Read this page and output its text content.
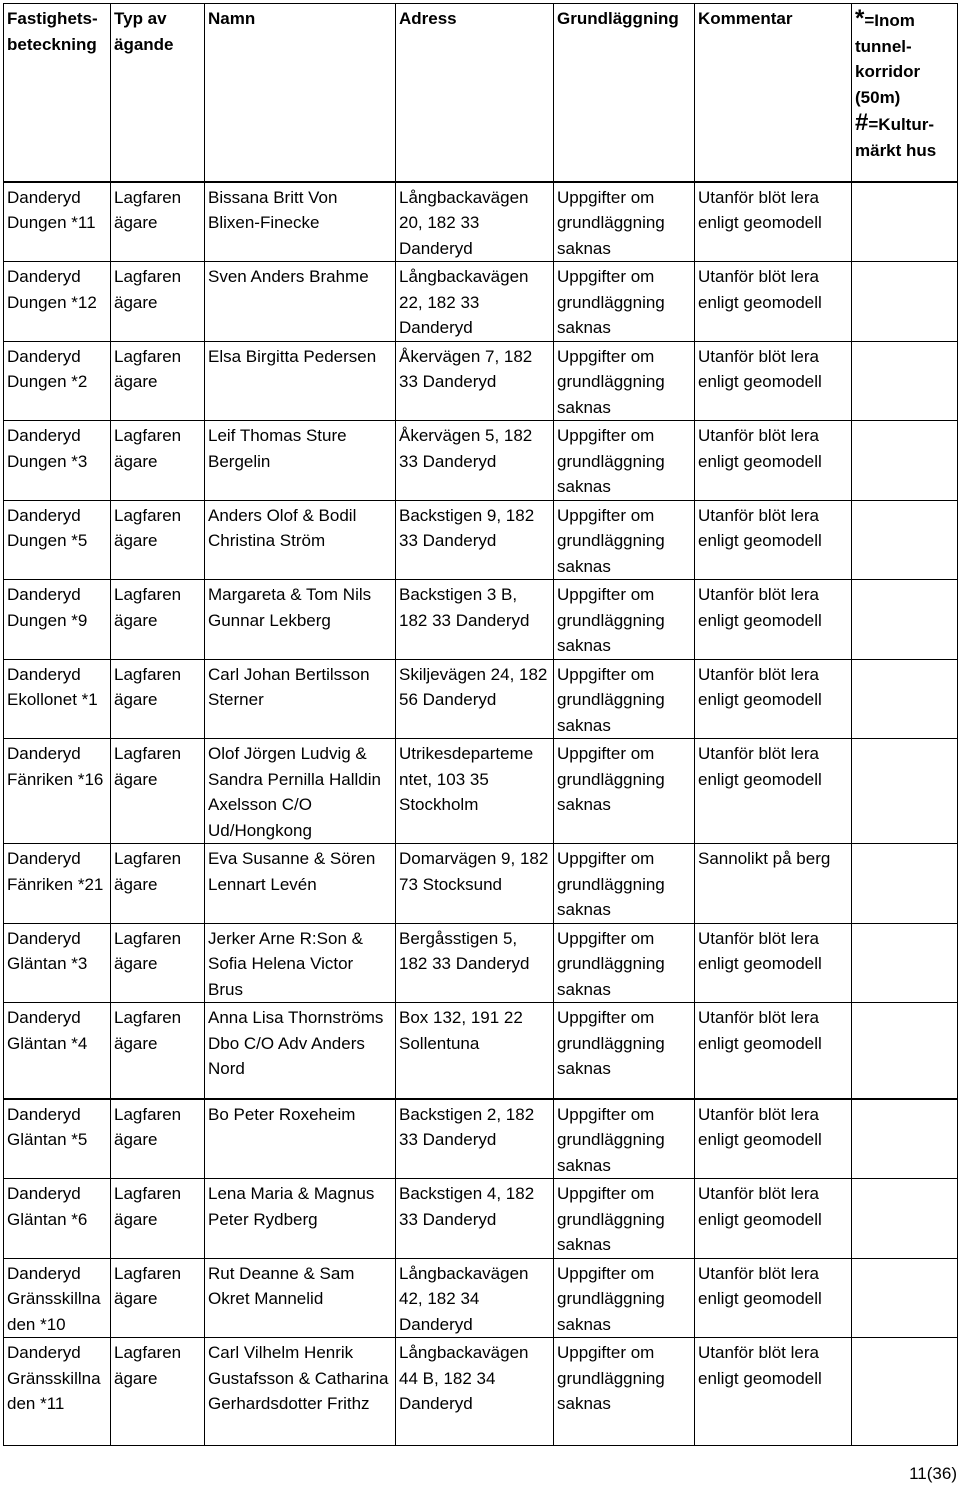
Fastighets-beteckning	Typ av ägande	Namn	Adress	Grundläggning	Kommentar	*=Inom tunnel-korridor (50m)
#=Kultur-märkt hus

Danderyd Dungen *11	Lagfaren ägare	Bissana Britt Von Blixen-Finecke	Långbackavägen 20, 182 33 Danderyd	Uppgifter om grundläggning saknas	Utanför blöt lera enligt geomodell	
Danderyd Dungen *12	Lagfaren ägare	Sven Anders Brahme	Långbackavägen 22, 182 33 Danderyd	Uppgifter om grundläggning saknas	Utanför blöt lera enligt geomodell	
Danderyd Dungen *2	Lagfaren ägare	Elsa Birgitta Pedersen	Åkervägen 7, 182 33 Danderyd	Uppgifter om grundläggning saknas	Utanför blöt lera enligt geomodell	
Danderyd Dungen *3	Lagfaren ägare	Leif Thomas Sture Bergelin	Åkervägen 5, 182 33 Danderyd	Uppgifter om grundläggning saknas	Utanför blöt lera enligt geomodell	
Danderyd Dungen *5	Lagfaren ägare	Anders Olof & Bodil Christina Ström	Backstigen 9, 182 33 Danderyd	Uppgifter om grundläggning saknas	Utanför blöt lera enligt geomodell	
Danderyd Dungen *9	Lagfaren ägare	Margareta & Tom Nils Gunnar Lekberg	Backstigen 3 B, 182 33 Danderyd	Uppgifter om grundläggning saknas	Utanför blöt lera enligt geomodell	
Danderyd Ekollonet *1	Lagfaren ägare	Carl Johan Bertilsson Sterner	Skiljevägen 24, 182 56 Danderyd	Uppgifter om grundläggning saknas	Utanför blöt lera enligt geomodell	
Danderyd Fänriken *16	Lagfaren ägare	Olof Jörgen Ludvig & Sandra Pernilla Halldin Axelsson C/O Ud/Hongkong	Utrikesdeparteme ntet, 103 35 Stockholm	Uppgifter om grundläggning saknas	Utanför blöt lera enligt geomodell	
Danderyd Fänriken *21	Lagfaren ägare	Eva Susanne & Sören Lennart Levén	Domarvägen 9, 182 73 Stocksund	Uppgifter om grundläggning saknas	Sannolikt på berg	
Danderyd Gläntan *3	Lagfaren ägare	Jerker Arne R:Son & Sofia Helena Victor Brus	Bergåsstigen 5, 182 33 Danderyd	Uppgifter om grundläggning saknas	Utanför blöt lera enligt geomodell	
Danderyd Gläntan *4	Lagfaren ägare	Anna Lisa Thornströms Dbo C/O Adv Anders Nord	Box 132, 191 22 Sollentuna	Uppgifter om grundläggning saknas	Utanför blöt lera enligt geomodell	
Danderyd Gläntan *5	Lagfaren ägare	Bo Peter Roxeheim	Backstigen 2, 182 33 Danderyd	Uppgifter om grundläggning saknas	Utanför blöt lera enligt geomodell	
Danderyd Gläntan *6	Lagfaren ägare	Lena Maria & Magnus Peter Rydberg	Backstigen 4, 182 33 Danderyd	Uppgifter om grundläggning saknas	Utanför blöt lera enligt geomodell	
Danderyd Gränsskillna den *10	Lagfaren ägare	Rut Deanne & Sam Okret Mannelid	Långbackavägen 42, 182 34 Danderyd	Uppgifter om grundläggning saknas	Utanför blöt lera enligt geomodell	
Danderyd Gränsskillna den *11	Lagfaren ägare	Carl Vilhelm Henrik Gustafsson & Catharina Gerhardsdotter Frithz	Långbackavägen 44 B, 182 34 Danderyd	Uppgifter om grundläggning saknas	Utanför blöt lera enligt geomodell	
11(36)
